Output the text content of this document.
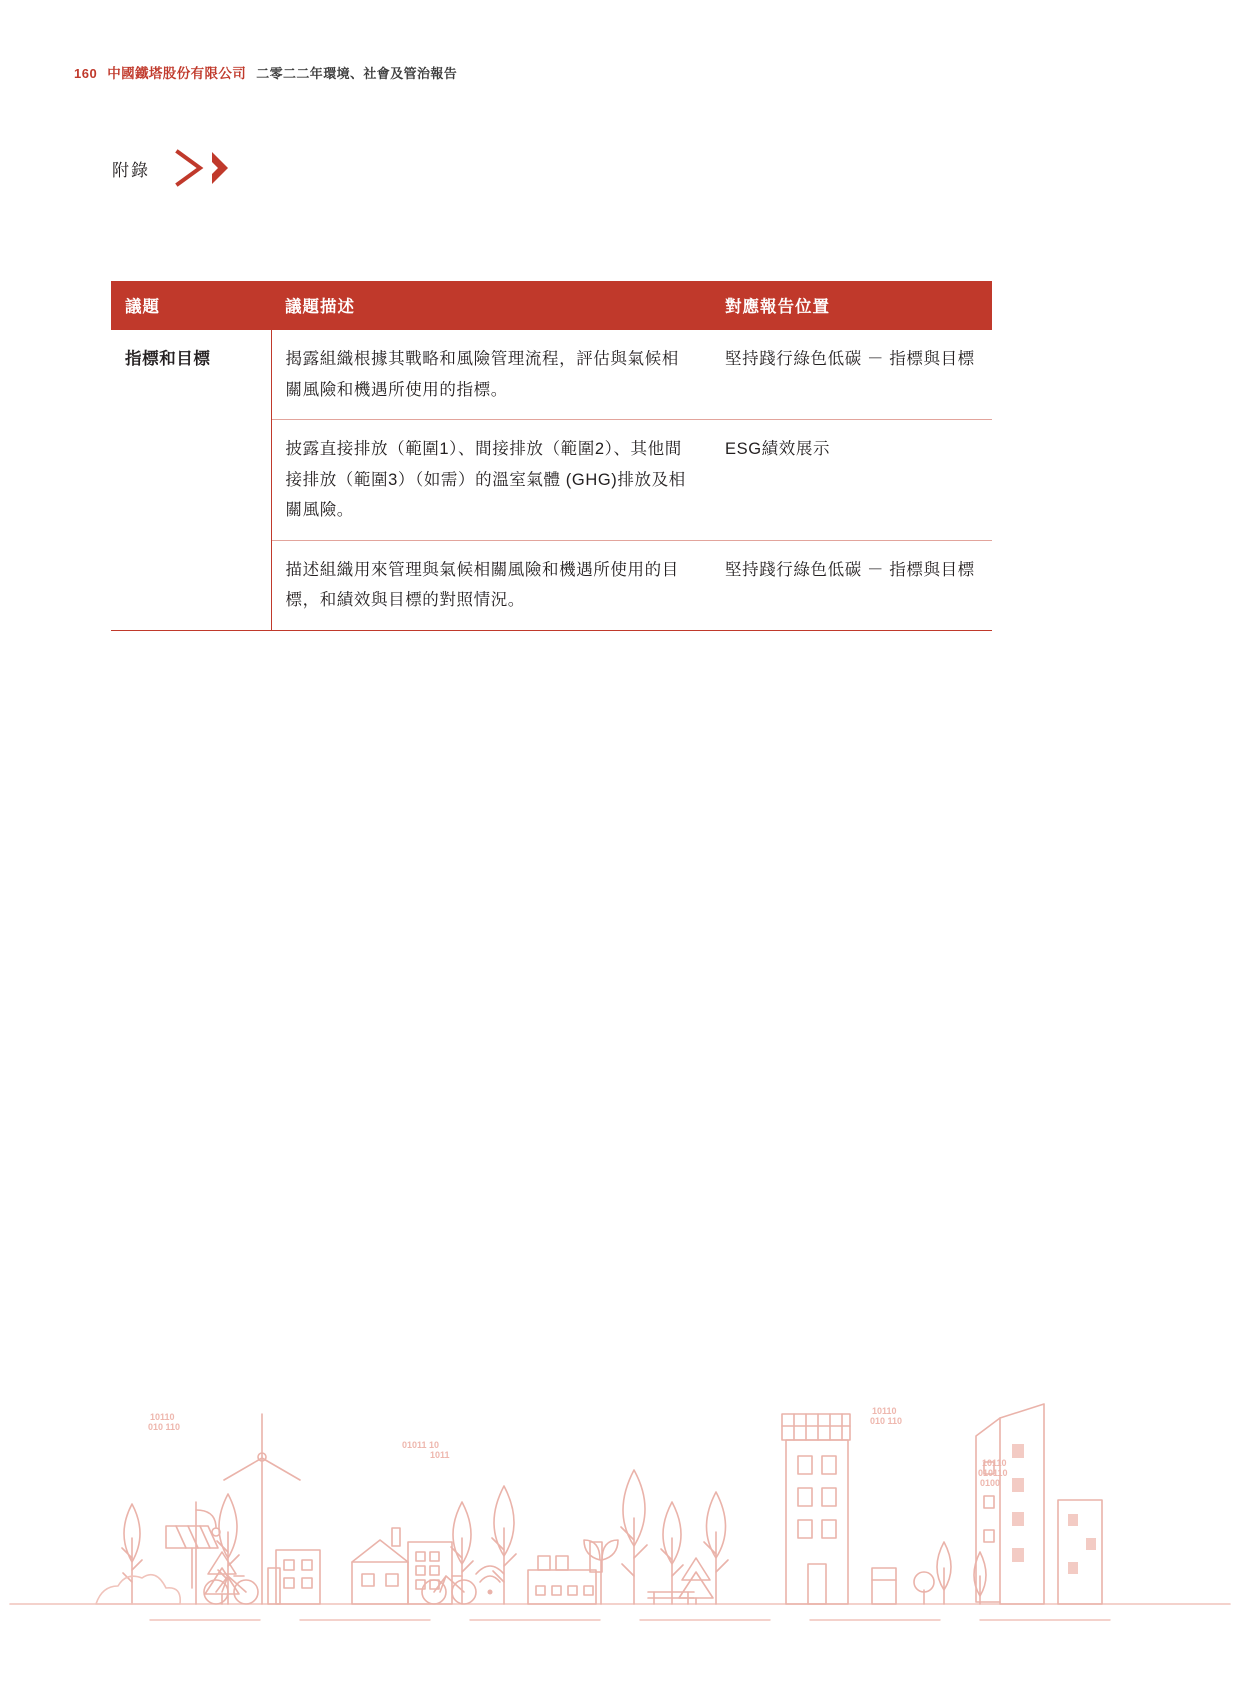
160 中國鐵塔股份有限公司 二零二二年環境、社會及管治報告
附錄
議題	議題描述	對應報告位置
指標和目標	揭露組織根據其戰略和風險管理流程，評估與氣候相關風險和機遇所使用的指標。	堅持踐行綠色低碳 － 指標與目標
	披露直接排放（範圍1）、間接排放（範圍2）、其他間接排放（範圍3）（如需）的溫室氣體 (GHG)排放及相關風險。	ESG績效展示
	描述組織用來管理與氣候相關風險和機遇所使用的目標，和績效與目標的對照情況。	堅持踐行綠色低碳 － 指標與目標
10110
010 110
01011 10
1011
10110
010 110
10110
010110
0100
